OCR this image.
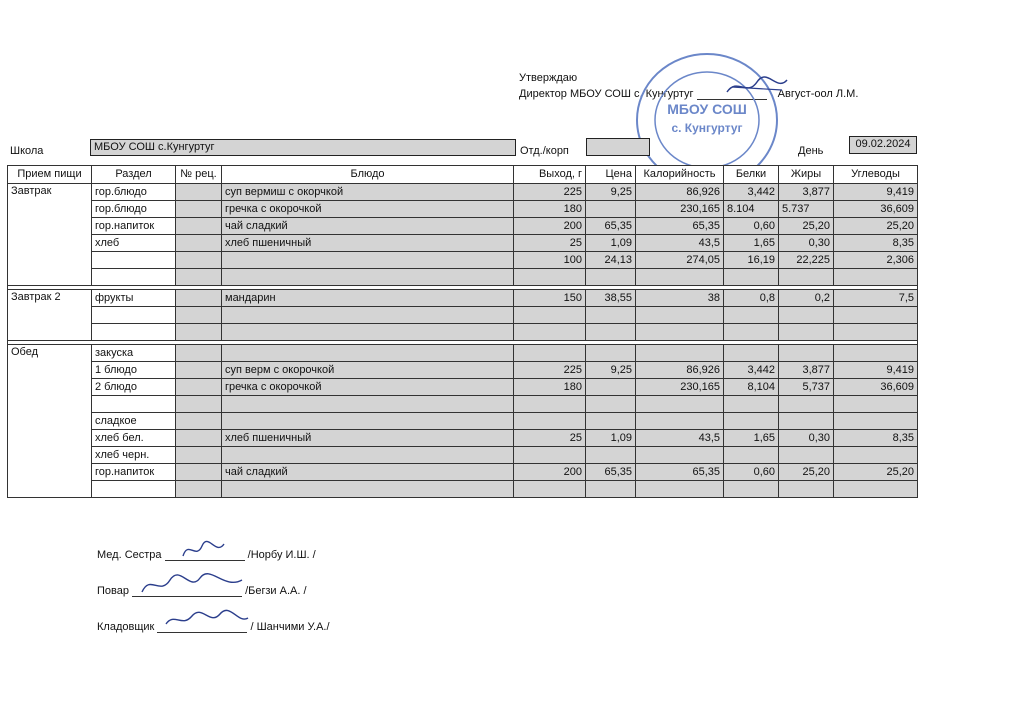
Утверждаю
Директор МБОУ СОШ с. Кунгуртуг	Август-оол Л.М.
МБОУ СОШ
с. Кунгуртуг
Школа	МБОУ СОШ с.Кунгуртуг	Отд./корп	День
09.02.2024
Прием пищи	Раздел	№ рец.	Блюдо	Выход, г	Цена	Калорийность	Белки	Жиры	Углеводы
Завтрак	гор.блюдо		суп вермиш с окорчкой	225	9,25	86,926	3,442	3,877	9,419
	гор.блюдо		гречка с окорочкой	180		230,165	8.104	5.737	36,609
	гор.напиток		чай сладкий	200	65,35	65,35	0,60	25,20	25,20
	хлеб		хлеб пшеничный	25	1,09	43,5	1,65	0,30	8,35
				100	24,13	274,05	16,19	22,225	2,306

Завтрак 2	фрукты		мандарин	150	38,55	38	0,8	0,2	7,5

Обед	закуска								
	1 блюдо		суп верм с окорочкой	225	9,25	86,926	3,442	3,877	9,419
	2 блюдо		гречка с окорочкой	180		230,165	8,104	5,737	36,609

	сладкое								
	хлеб бел.		хлеб пшеничный	25	1,09	43,5	1,65	0,30	8,35
	хлеб черн.								
	гор.напиток		чай сладкий	200	65,35	65,35	0,60	25,20	25,20

Мед. Сестра	/Норбу И.Ш. /
Повар	/Бегзи А.А. /
Кладовщик	/ Шанчими У.А./
